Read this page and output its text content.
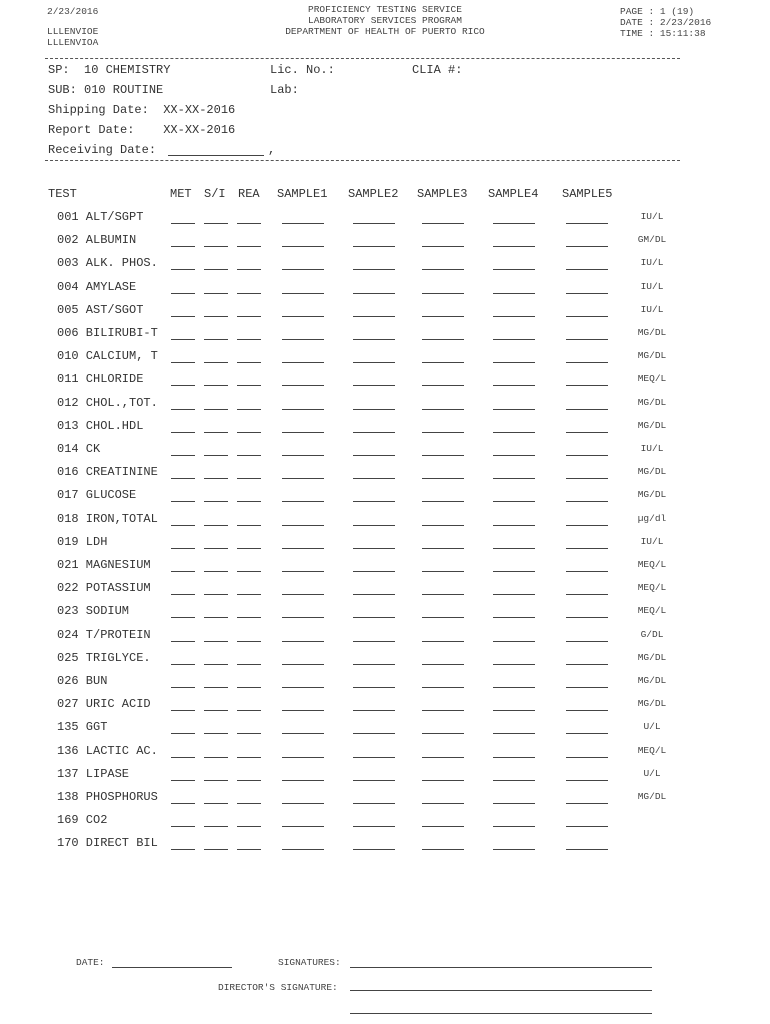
2/23/2016
LLLENVIOE
LLLENVIOA
PROFICIENCY TESTING SERVICE
LABORATORY SERVICES PROGRAM
DEPARTMENT OF HEALTH OF PUERTO RICO
PAGE : 1 (19)
DATE : 2/23/2016
TIME : 15:11:38
SP:  10 CHEMISTRY	Lic. No.:	CLIA #:
SUB: 010 ROUTINE	Lab:
Shipping Date:  XX-XX-2016
Report Date:    XX-XX-2016
Receiving Date:	,
TEST	MET S/I REA SAMPLE1 SAMPLE2 SAMPLE3 SAMPLE4 SAMPLE5
001 ALT/SGPT	IU/L
002 ALBUMIN	GM/DL
003 ALK. PHOS.	IU/L
004 AMYLASE	IU/L
005 AST/SGOT	IU/L
006 BILIRUBI-T	MG/DL
010 CALCIUM, T	MG/DL
011 CHLORIDE	MEQ/L
012 CHOL.,TOT.	MG/DL
013 CHOL.HDL	MG/DL
014 CK	IU/L
016 CREATININE	MG/DL
017 GLUCOSE	MG/DL
018 IRON,TOTAL	µg/dl
019 LDH	IU/L
021 MAGNESIUM	MEQ/L
022 POTASSIUM	MEQ/L
023 SODIUM	MEQ/L
024 T/PROTEIN	G/DL
025 TRIGLYCE.	MG/DL
026 BUN	MG/DL
027 URIC ACID	MG/DL
135 GGT	U/L
136 LACTIC AC.	MEQ/L
137 LIPASE	U/L
138 PHOSPHORUS	MG/DL
169 CO2
170 DIRECT BIL
DATE:	SIGNATURES:
DIRECTOR'S SIGNATURE:
